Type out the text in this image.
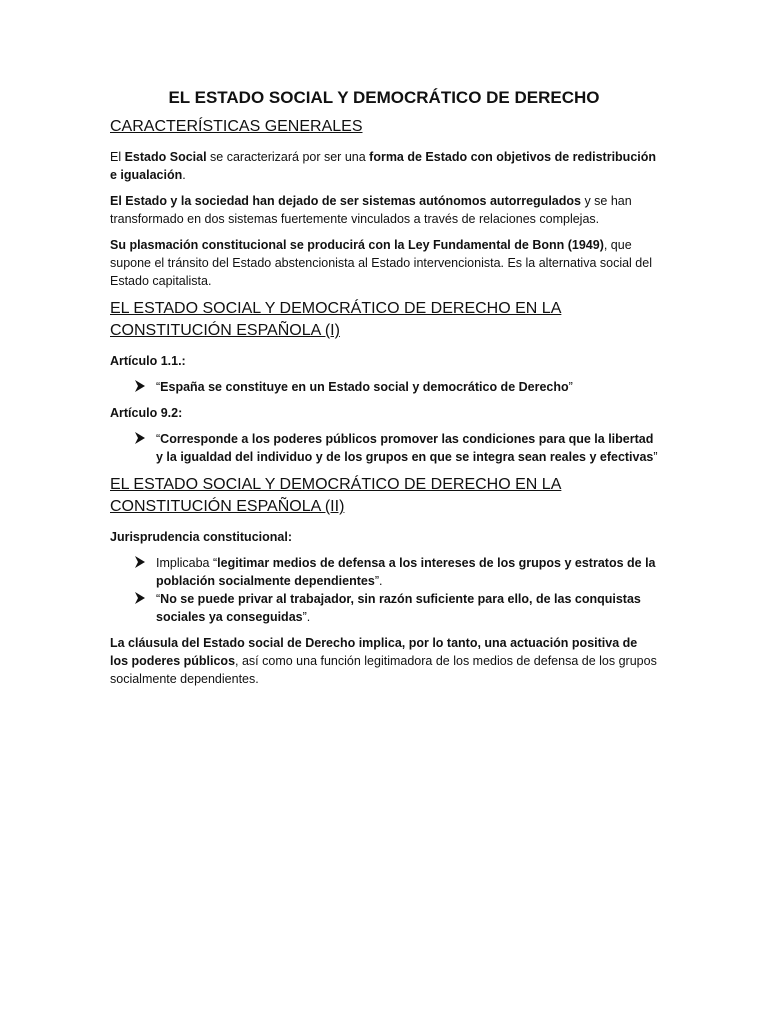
EL ESTADO SOCIAL Y DEMOCRÁTICO DE DERECHO
CARACTERÍSTICAS GENERALES

El Estado Social se caracterizará por ser una forma de Estado con objetivos de redistribución e igualación.

El Estado y la sociedad han dejado de ser sistemas autónomos autorregulados y se han transformado en dos sistemas fuertemente vinculados a través de relaciones complejas.

Su plasmación constitucional se producirá con la Ley Fundamental de Bonn (1949), que supone el tránsito del Estado abstencionista al Estado intervencionista. Es la alternativa social del Estado capitalista.

EL ESTADO SOCIAL Y DEMOCRÁTICO DE DERECHO EN LA CONSTITUCIÓN ESPAÑOLA (I)

Artículo 1.1.:

“España se constituye en un Estado social y democrático de Derecho”

Artículo 9.2:

“Corresponde a los poderes públicos promover las condiciones para que la libertad y la igualdad del individuo y de los grupos en que se integra sean reales y efectivas”
EL ESTADO SOCIAL Y DEMOCRÁTICO DE DERECHO EN LA CONSTITUCIÓN ESPAÑOLA (II)

Jurisprudencia constitucional:

Implicaba “legitimar medios de defensa a los intereses de los grupos y estratos de la población socialmente dependientes”.
“No se puede privar al trabajador, sin razón suficiente para ello, de las conquistas sociales ya conseguidas”.

La cláusula del Estado social de Derecho implica, por lo tanto, una actuación positiva de los poderes públicos, así como una función legitimadora de los medios de defensa de los grupos socialmente dependientes.
